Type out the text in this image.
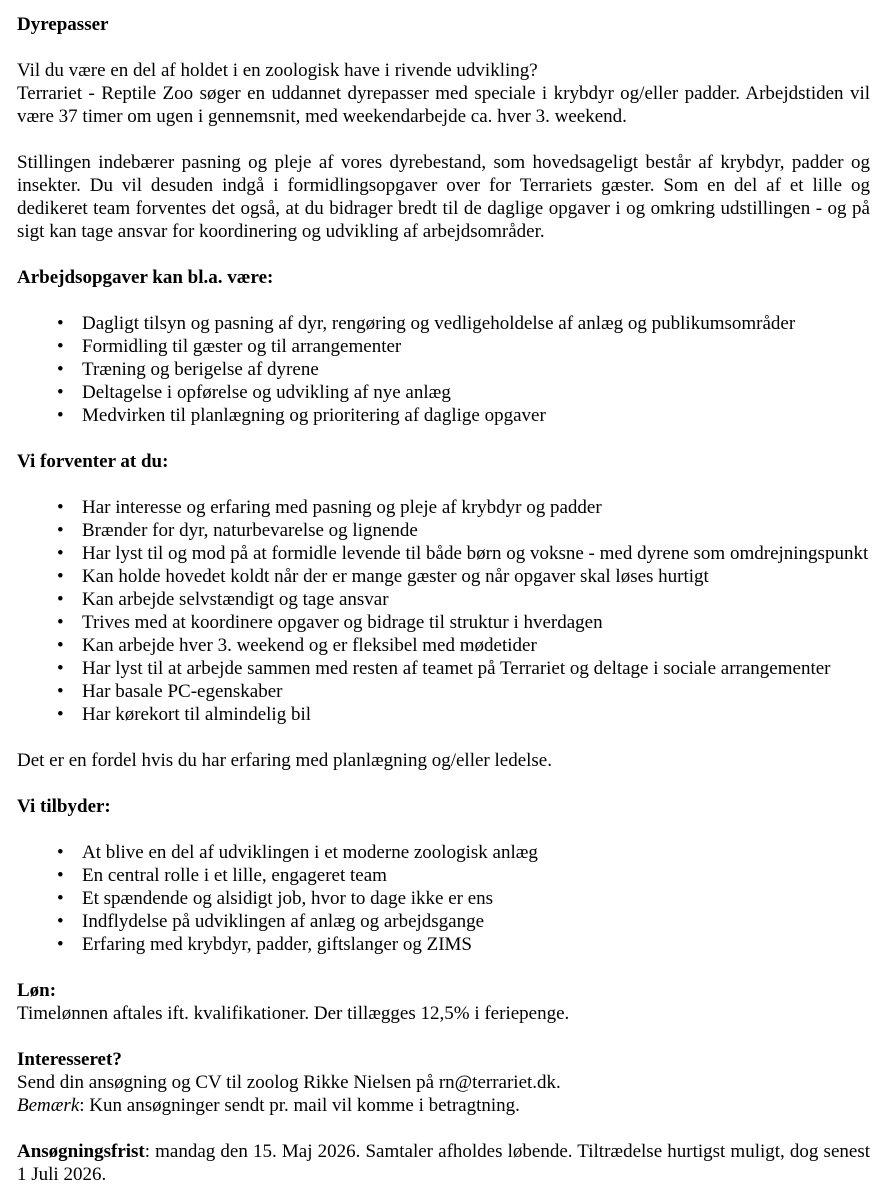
Dyrepasser
Vil du være en del af holdet i en zoologisk have i rivende udvikling?
Terrariet - Reptile Zoo søger en uddannet dyrepasser med speciale i krybdyr og/eller padder. Arbejdstiden vil være 37 timer om ugen i gennemsnit, med weekendarbejde ca. hver 3. weekend.

Stillingen indebærer pasning og pleje af vores dyrebestand, som hovedsageligt består af krybdyr, padder og insekter. Du vil desuden indgå i formidlingsopgaver over for Terrariets gæster. Som en del af et lille og dedikeret team forventes det også, at du bidrager bredt til de daglige opgaver i og omkring udstillingen - og på sigt kan tage ansvar for koordinering og udvikling af arbejdsområder.

Arbejdsopgaver kan bl.a. være:
• Dagligt tilsyn og pasning af dyr, rengøring og vedligeholdelse af anlæg og publikumsområder
• Formidling til gæster og til arrangementer
• Træning og berigelse af dyrene
• Deltagelse i opførelse og udvikling af nye anlæg
• Medvirken til planlægning og prioritering af daglige opgaver
Vi forventer at du:
• Har interesse og erfaring med pasning og pleje af krybdyr og padder
• Brænder for dyr, naturbevarelse og lignende
• Har lyst til og mod på at formidle levende til både børn og voksne - med dyrene som omdrejningspunkt
• Kan holde hovedet koldt når der er mange gæster og når opgaver skal løses hurtigt
• Kan arbejde selvstændigt og tage ansvar
• Trives med at koordinere opgaver og bidrage til struktur i hverdagen
• Kan arbejde hver 3. weekend og er fleksibel med mødetider
• Har lyst til at arbejde sammen med resten af teamet på Terrariet og deltage i sociale arrangementer
• Har basale PC-egenskaber
• Har kørekort til almindelig bil

Det er en fordel hvis du har erfaring med planlægning og/eller ledelse.

Vi tilbyder:
• At blive en del af udviklingen i et moderne zoologisk anlæg
• En central rolle i et lille, engageret team
• Et spændende og alsidigt job, hvor to dage ikke er ens
• Indflydelse på udviklingen af anlæg og arbejdsgange
• Erfaring med krybdyr, padder, giftslanger og ZIMS
Løn:
Timelønnen aftales ift. kvalifikationer. Der tillægges 12,5% i feriepenge.
Interesseret?
Send din ansøgning og CV til zoolog Rikke Nielsen på rn@terrariet.dk.
Bemærk: Kun ansøgninger sendt pr. mail vil komme i betragtning.

Ansøgningsfrist: mandag den 15. Maj 2026. Samtaler afholdes løbende. Tiltrædelse hurtigst muligt, dog senest 1 Juli 2026.
